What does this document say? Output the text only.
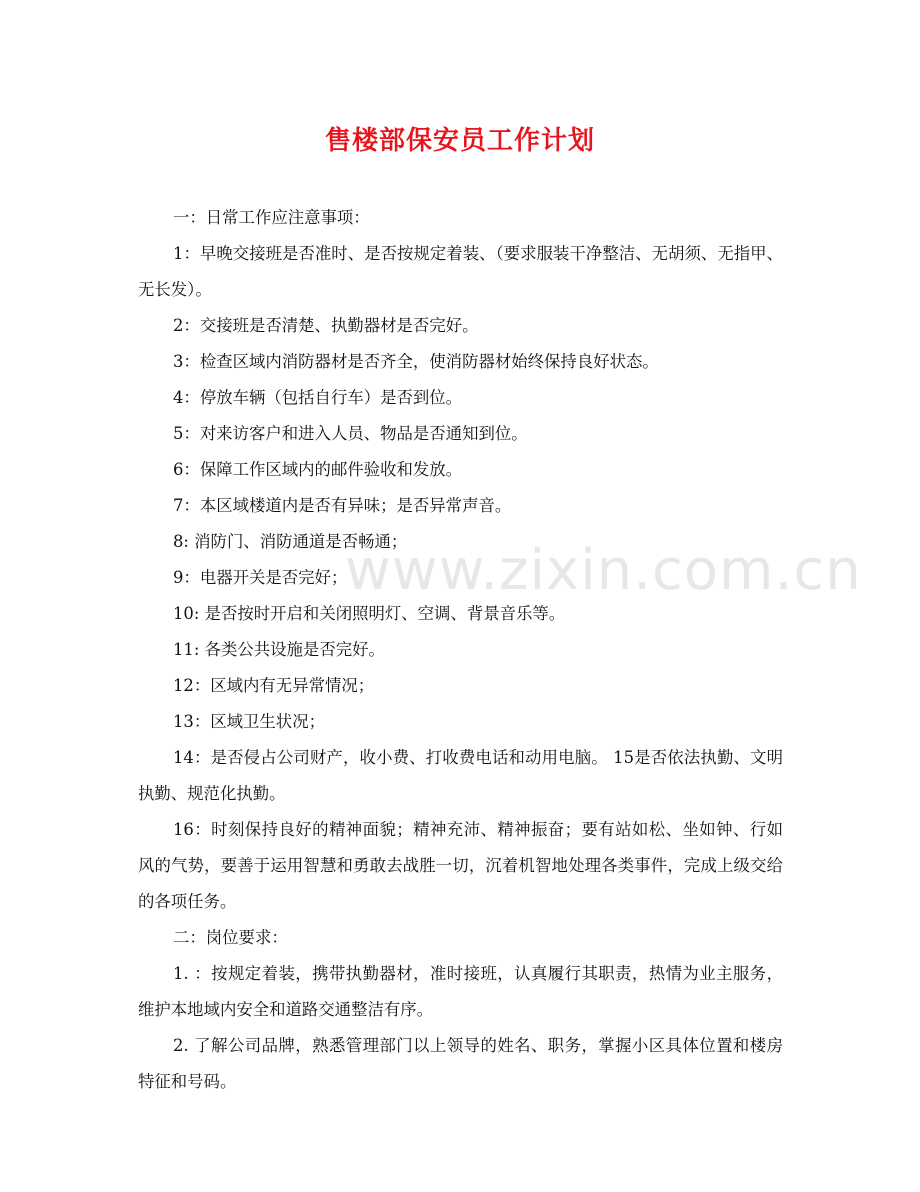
售楼部保安员工作计划

一：日常工作应注意事项：

1：早晚交接班是否准时、是否按规定着装、（要求服装干净整洁、无胡须、无指甲、无长发）。

2：交接班是否清楚、执勤器材是否完好。

3：检查区域内消防器材是否齐全，使消防器材始终保持良好状态。

4：停放车辆（包括自行车）是否到位。

5：对来访客户和进入人员、物品是否通知到位。

6：保障工作区域内的邮件验收和发放。

7：本区域楼道内是否有异味；是否异常声音。

8: 消防门、消防通道是否畅通；

9：电器开关是否完好；

10: 是否按时开启和关闭照明灯、空调、背景音乐等。

11: 各类公共设施是否完好。

12：区域内有无异常情况；

13：区域卫生状况；

14：是否侵占公司财产，收小费、打收费电话和动用电脑。 15是否依法执勤、文明执勤、规范化执勤。

16：时刻保持良好的精神面貌；精神充沛、精神振奋；要有站如松、坐如钟、行如风的气势，要善于运用智慧和勇敢去战胜一切，沉着机智地处理各类事件，完成上级交给的各项任务。

二：岗位要求：

1. ：按规定着装，携带执勤器材，准时接班，认真履行其职责，热情为业主服务，维护本地域内安全和道路交通整洁有序。

2. 了解公司品牌，熟悉管理部门以上领导的姓名、职务，掌握小区具体位置和楼房特征和号码。

www.zixin.com.cn
